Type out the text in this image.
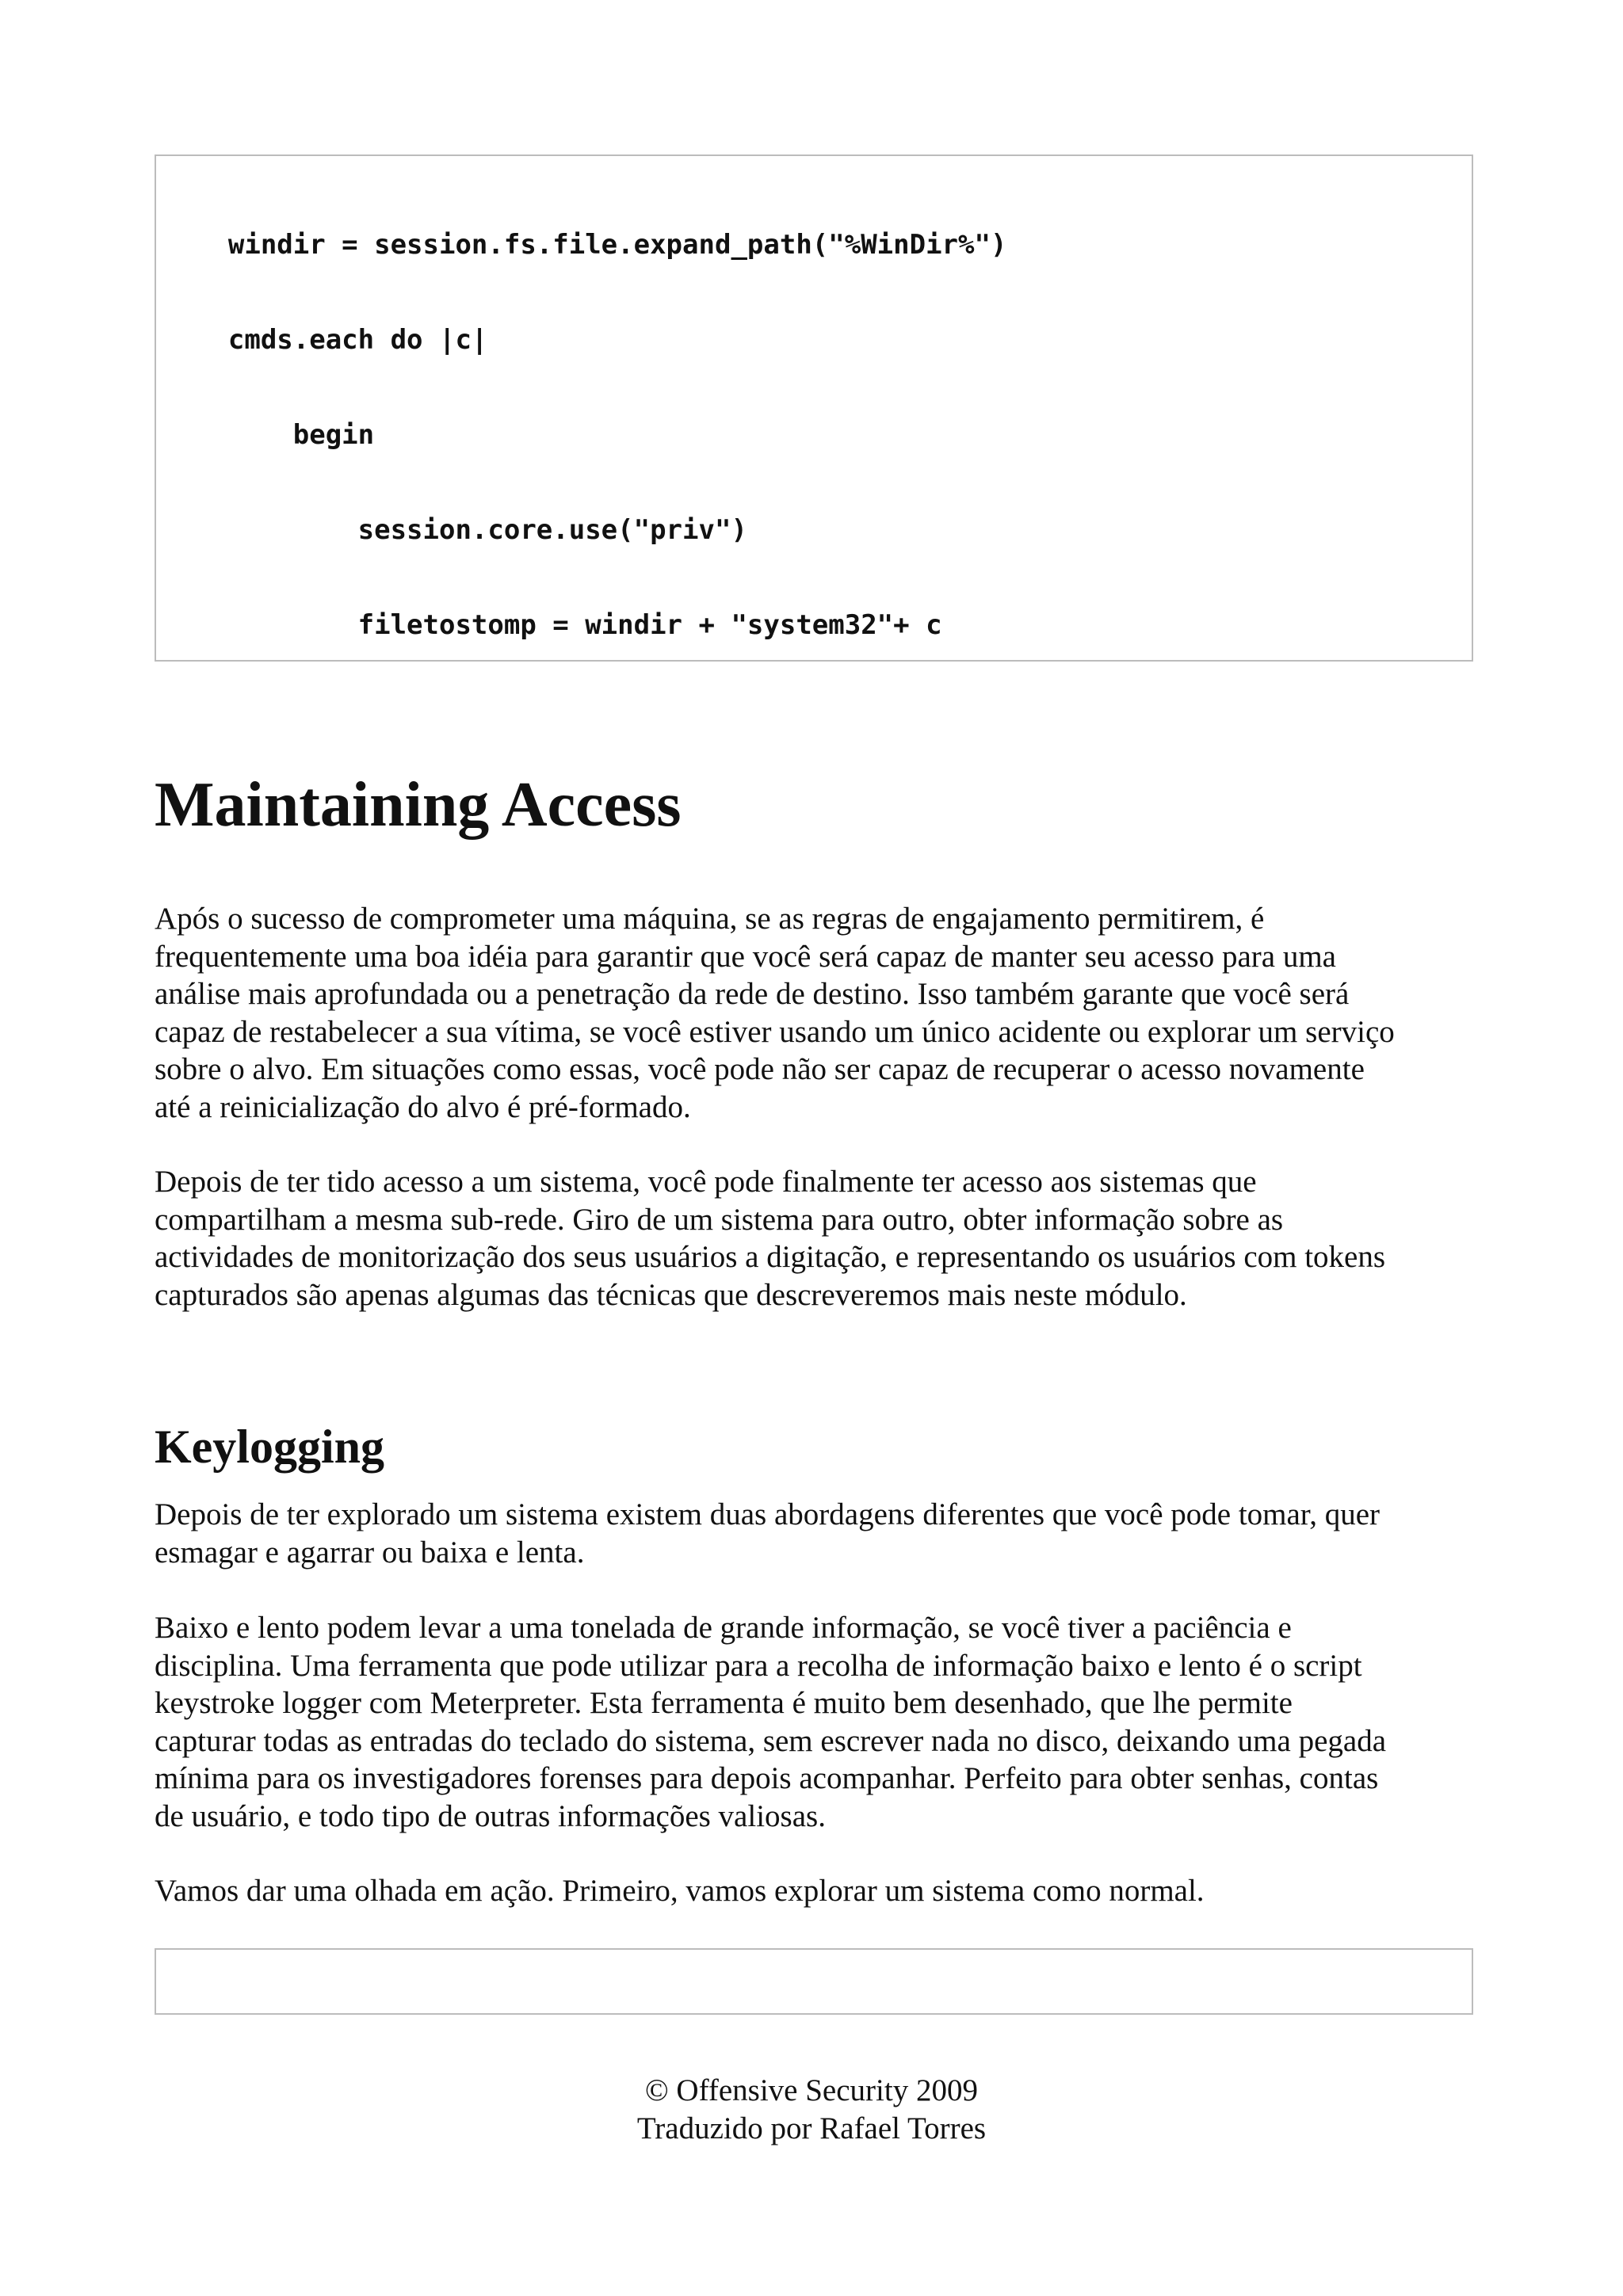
windir = session.fs.file.expand_path("%WinDir%")

cmds.each do |c|

begin

session.core.use("priv")

filetostomp = windir + "system32"+ c

Maintaining Access

Após o sucesso de comprometer uma máquina, se as regras de engajamento permitirem, é
frequentemente uma boa idéia para garantir que você será capaz de manter seu acesso para uma
análise mais aprofundada ou a penetração da rede de destino. Isso também garante que você será
capaz de restabelecer a sua vítima, se você estiver usando um único acidente ou explorar um serviço
sobre o alvo. Em situações como essas, você pode não ser capaz de recuperar o acesso novamente
até a reinicialização do alvo é pré-formado.

Depois de ter tido acesso a um sistema, você pode finalmente ter acesso aos sistemas que
compartilham a mesma sub-rede. Giro de um sistema para outro, obter informação sobre as
actividades de monitorização dos seus usuários a digitação, e representando os usuários com tokens
capturados são apenas algumas das técnicas que descreveremos mais neste módulo.

Keylogging

Depois de ter explorado um sistema existem duas abordagens diferentes que você pode tomar, quer
esmagar e agarrar ou baixa e lenta.

Baixo e lento podem levar a uma tonelada de grande informação, se você tiver a paciência e
disciplina. Uma ferramenta que pode utilizar para a recolha de informação baixo e lento é o script
keystroke logger com Meterpreter. Esta ferramenta é muito bem desenhado, que lhe permite
capturar todas as entradas do teclado do sistema, sem escrever nada no disco, deixando uma pegada
mínima para os investigadores forenses para depois acompanhar. Perfeito para obter senhas, contas
de usuário, e todo tipo de outras informações valiosas.

Vamos dar uma olhada em ação. Primeiro, vamos explorar um sistema como normal.

© Offensive Security 2009
Traduzido por Rafael Torres
